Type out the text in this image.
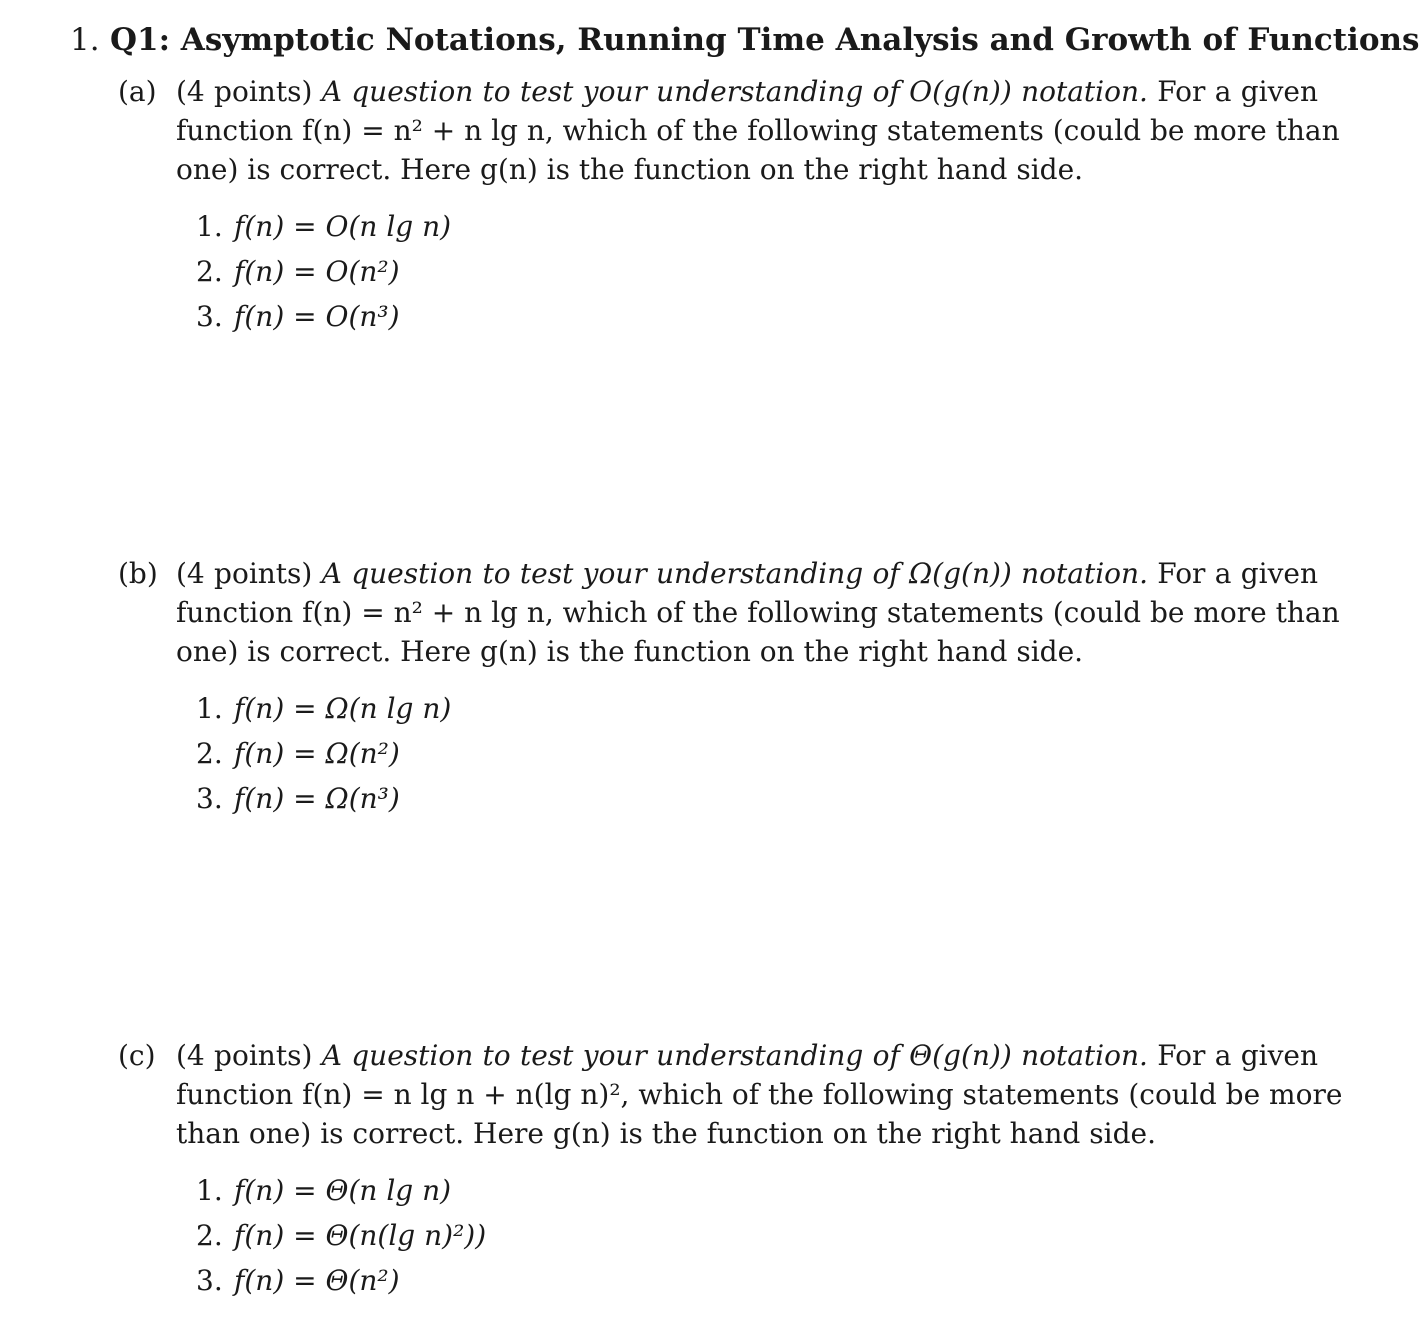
1. Q1: Asymptotic Notations, Running Time Analysis and Growth of Functions
(a) (4 points) A question to test your understanding of O(g(n)) notation. For a given
function f(n) = n² + n lg n, which of the following statements (could be more than
one) is correct. Here g(n) is the function on the right hand side.
1. f(n) = O(n lg n)
2. f(n) = O(n²)
3. f(n) = O(n³)
(b) (4 points) A question to test your understanding of Ω(g(n)) notation. For a given
function f(n) = n² + n lg n, which of the following statements (could be more than
one) is correct. Here g(n) is the function on the right hand side.
1. f(n) = Ω(n lg n)
2. f(n) = Ω(n²)
3. f(n) = Ω(n³)
(c) (4 points) A question to test your understanding of Θ(g(n)) notation. For a given
function f(n) = n lg n + n(lg n)², which of the following statements (could be more
than one) is correct. Here g(n) is the function on the right hand side.
1. f(n) = Θ(n lg n)
2. f(n) = Θ(n(lg n)²))
3. f(n) = Θ(n²)
